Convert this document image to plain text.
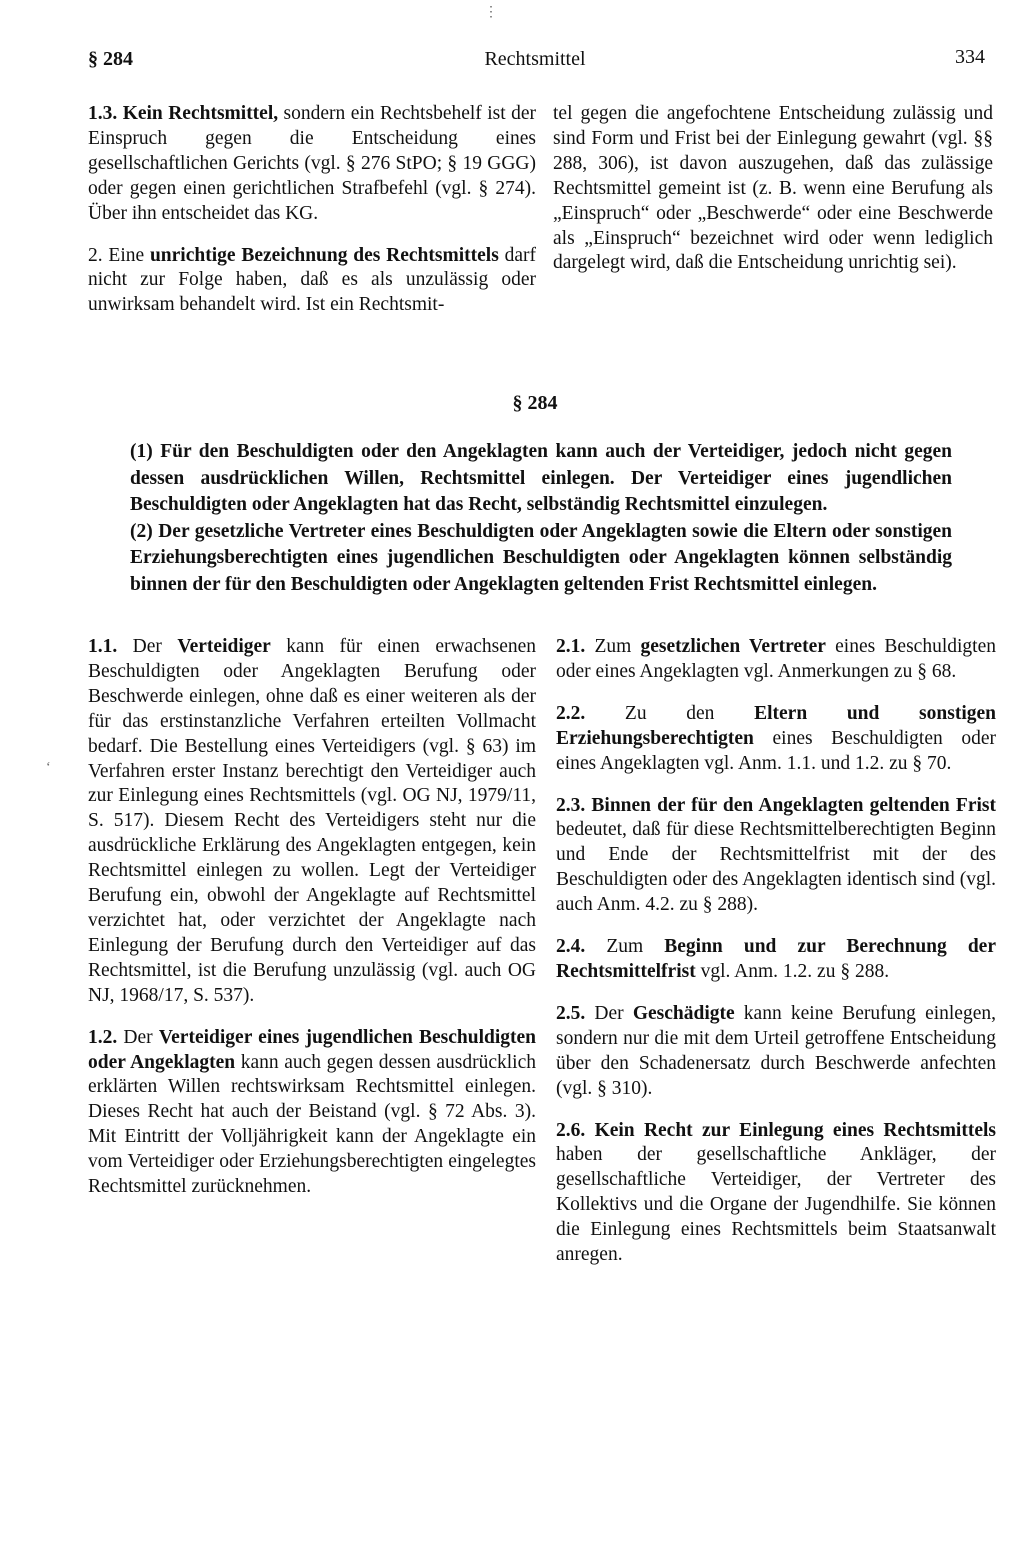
§ 284	Rechtsmittel	334

1.3. Kein Rechtsmittel, sondern ein Rechtsbehelf ist der Einspruch gegen die Entscheidung eines gesellschaftlichen Gerichts (vgl. § 276 StPO; § 19 GGG) oder gegen einen gerichtlichen Strafbefehl (vgl. § 274). Über ihn entscheidet das KG.

2. Eine unrichtige Bezeichnung des Rechtsmittels darf nicht zur Folge haben, daß es als unzulässig oder unwirksam behandelt wird. Ist ein Rechtsmit-

tel gegen die angefochtene Entscheidung zulässig und sind Form und Frist bei der Einlegung gewahrt (vgl. §§ 288, 306), ist davon auszugehen, daß das zulässige Rechtsmittel gemeint ist (z. B. wenn eine Berufung als „Einspruch“ oder „Beschwerde“ oder eine Beschwerde als „Einspruch“ bezeichnet wird oder wenn lediglich dargelegt wird, daß die Entscheidung unrichtig sei).

§ 284

(1) Für den Beschuldigten oder den Angeklagten kann auch der Verteidiger, jedoch nicht gegen dessen ausdrücklichen Willen, Rechtsmittel einlegen. Der Verteidiger eines jugendlichen Beschuldigten oder Angeklagten hat das Recht, selbständig Rechtsmittel einzulegen.

(2) Der gesetzliche Vertreter eines Beschuldigten oder Angeklagten sowie die Eltern oder sonstigen Erziehungsberechtigten eines jugendlichen Beschuldigten oder Angeklagten können selbständig binnen der für den Beschuldigten oder Angeklagten geltenden Frist Rechtsmittel einlegen.

1.1. Der Verteidiger kann für einen erwachsenen Beschuldigten oder Angeklagten Berufung oder Beschwerde einlegen, ohne daß es einer weiteren als der für das erstinstanzliche Verfahren erteilten Vollmacht bedarf. Die Bestellung eines Verteidigers (vgl. § 63) im Verfahren erster Instanz berechtigt den Verteidiger auch zur Einlegung eines Rechtsmittels (vgl. OG NJ, 1979/11, S. 517). Diesem Recht des Verteidigers steht nur die ausdrückliche Erklärung des Angeklagten entgegen, kein Rechtsmittel einlegen zu wollen. Legt der Verteidiger Berufung ein, obwohl der Angeklagte auf Rechtsmittel verzichtet hat, oder verzichtet der Angeklagte nach Einlegung der Berufung durch den Verteidiger auf das Rechtsmittel, ist die Berufung unzulässig (vgl. auch OG NJ, 1968/17, S. 537).

1.2. Der Verteidiger eines jugendlichen Beschuldigten oder Angeklagten kann auch gegen dessen ausdrücklich erklärten Willen rechtswirksam Rechtsmittel einlegen. Dieses Recht hat auch der Beistand (vgl. § 72 Abs. 3). Mit Eintritt der Volljährigkeit kann der Angeklagte ein vom Verteidiger oder Erziehungsberechtigten eingelegtes Rechtsmittel zurücknehmen.

2.1. Zum gesetzlichen Vertreter eines Beschuldigten oder eines Angeklagten vgl. Anmerkungen zu § 68.

2.2. Zu den Eltern und sonstigen Erziehungsberechtigten eines Beschuldigten oder eines Angeklagten vgl. Anm. 1.1. und 1.2. zu § 70.

2.3. Binnen der für den Angeklagten geltenden Frist bedeutet, daß für diese Rechtsmittelberechtigten Beginn und Ende der Rechtsmittelfrist mit der des Beschuldigten oder des Angeklagten identisch sind (vgl. auch Anm. 4.2. zu § 288).

2.4. Zum Beginn und zur Berechnung der Rechtsmittelfrist vgl. Anm. 1.2. zu § 288.

2.5. Der Geschädigte kann keine Berufung einlegen, sondern nur die mit dem Urteil getroffene Entscheidung über den Schadenersatz durch Beschwerde anfechten (vgl. § 310).

2.6. Kein Recht zur Einlegung eines Rechtsmittels haben der gesellschaftliche Ankläger, der gesellschaftliche Verteidiger, der Vertreter des Kollektivs und die Organe der Jugendhilfe. Sie können die Einlegung eines Rechtsmittels beim Staatsanwalt anregen.

⋮
‘
